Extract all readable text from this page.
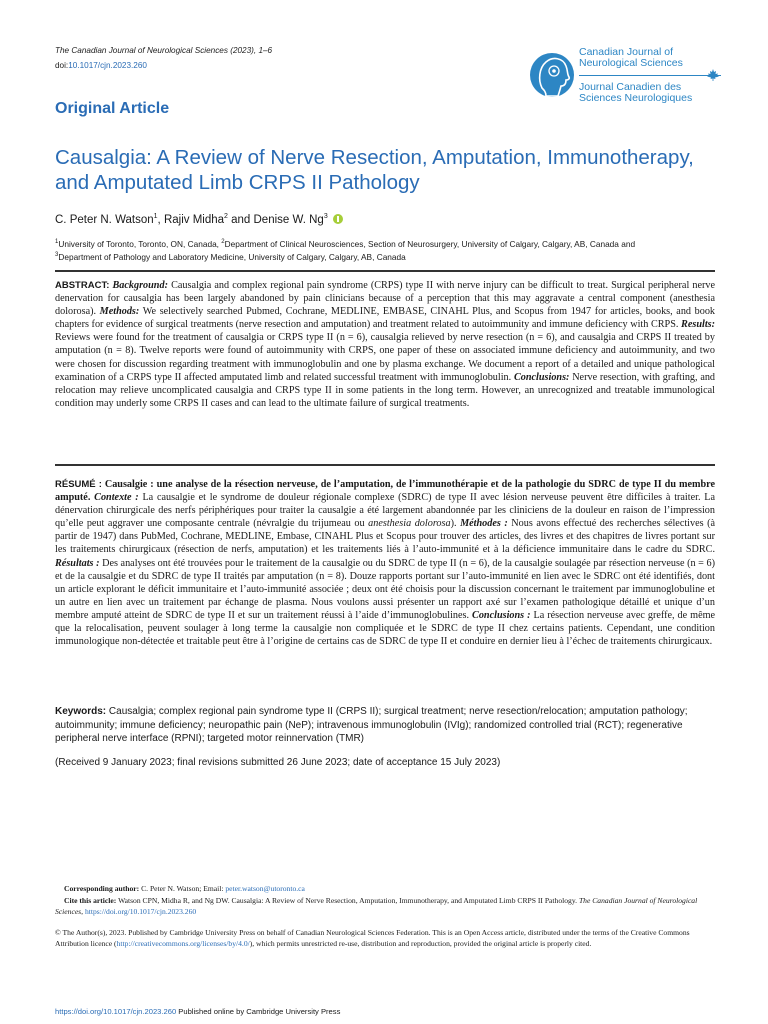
The Canadian Journal of Neurological Sciences (2023), 1–6
doi:10.1017/cjn.2023.260
Canadian Journal of
Neurological Sciences
Journal Canadien des
Sciences Neurologiques
Original Article
Causalgia: A Review of Nerve Resection, Amputation, Immunotherapy, and Amputated Limb CRPS II Pathology
C. Peter N. Watson$^1$, Rajiv Midha$^2$ and Denise W. Ng$^3$
$^1$University of Toronto, Toronto, ON, Canada, $^2$Department of Clinical Neurosciences, Section of Neurosurgery, University of Calgary, Calgary, AB, Canada and
$^3$Department of Pathology and Laboratory Medicine, University of Calgary, Calgary, AB, Canada
ABSTRACT: Background: Causalgia and complex regional pain syndrome (CRPS) type II with nerve injury can be difficult to treat. Surgical peripheral nerve denervation for causalgia has been largely abandoned by pain clinicians because of a perception that this may aggravate a central component (anesthesia dolorosa). Methods: We selectively searched Pubmed, Cochrane, MEDLINE, EMBASE, CINAHL Plus, and Scopus from 1947 for articles, books, and book chapters for evidence of surgical treatments (nerve resection and amputation) and treatment related to autoimmunity and immune deficiency with CRPS. Results: Reviews were found for the treatment of causalgia or CRPS type II (n = 6), causalgia relieved by nerve resection (n = 6), and causalgia and CRPS II treated by amputation (n = 8). Twelve reports were found of autoimmunity with CRPS, one paper of these on associated immune deficiency and autoimmunity, and two were chosen for discussion regarding treatment with immunoglobulin and one by plasma exchange. We document a report of a detailed and unique pathological examination of a CRPS type II affected amputated limb and related successful treatment with immunoglobulin. Conclusions: Nerve resection, with grafting, and relocation may relieve uncomplicated causalgia and CRPS type II in some patients in the long term. However, an unrecognized and treatable immunological condition may underly some CRPS II cases and can lead to the ultimate failure of surgical treatments.
RÉSUMÉ : Causalgie : une analyse de la résection nerveuse, de l’amputation, de l’immunothérapie et de la pathologie du SDRC de type II du membre amputé. Contexte : La causalgie et le syndrome de douleur régionale complexe (SDRC) de type II avec lésion nerveuse peuvent être difficiles à traiter. La dénervation chirurgicale des nerfs périphériques pour traiter la causalgie a été largement abandonnée par les cliniciens de la douleur en raison de l’impression qu’elle peut aggraver une composante centrale (névralgie du trijumeau ou anesthesia dolorosa). Méthodes : Nous avons effectué des recherches sélectives (à partir de 1947) dans PubMed, Cochrane, MEDLINE, Embase, CINAHL Plus et Scopus pour trouver des articles, des livres et des chapitres de livres portant sur les traitements chirurgicaux (résection de nerfs, amputation) et les traitements liés à l’auto-immunité et à la déficience immunitaire dans le cadre du SDRC. Résultats : Des analyses ont été trouvées pour le traitement de la causalgie ou du SDRC de type II (n = 6), de la causalgie soulagée par résection nerveuse (n = 6) et de la causalgie et du SDRC de type II traités par amputation (n = 8). Douze rapports portant sur l’auto-immunité en lien avec le SDRC ont été identifiés, dont un article explorant le déficit immunitaire et l’auto-immunité associée ; deux ont été choisis pour la discussion concernant le traitement par immunoglobuline et un autre en lien avec un traitement par échange de plasma. Nous voulons aussi présenter un rapport axé sur l’examen pathologique détaillé et unique d’un membre amputé atteint de SDRC de type II et sur un traitement réussi à l’aide d’immunoglobulines. Conclusions : La résection nerveuse avec greffe, de même que la relocalisation, peuvent soulager à long terme la causalgie non compliquée et le SDRC de type II chez certains patients. Cependant, une condition immunologique non-détectée et traitable peut être à l’origine de certains cas de SDRC de type II et conduire en dernier lieu à l’échec de traitements chirurgicaux.
Keywords: Causalgia; complex regional pain syndrome type II (CRPS II); surgical treatment; nerve resection/relocation; amputation pathology; autoimmunity; immune deficiency; neuropathic pain (NeP); intravenous immunoglobulin (IVIg); randomized controlled trial (RCT); regenerative peripheral nerve interface (RPNI); targeted motor reinnervation (TMR)
(Received 9 January 2023; final revisions submitted 26 June 2023; date of acceptance 15 July 2023)
Corresponding author: C. Peter N. Watson; Email: peter.watson@utoronto.ca
Cite this article: Watson CPN, Midha R, and Ng DW. Causalgia: A Review of Nerve Resection, Amputation, Immunotherapy, and Amputated Limb CRPS II Pathology. The Canadian Journal of Neurological Sciences, https://doi.org/10.1017/cjn.2023.260
© The Author(s), 2023. Published by Cambridge University Press on behalf of Canadian Neurological Sciences Federation. This is an Open Access article, distributed under the terms of the Creative Commons Attribution licence (http://creativecommons.org/licenses/by/4.0/), which permits unrestricted re-use, distribution and reproduction, provided the original article is properly cited.
https://doi.org/10.1017/cjn.2023.260 Published online by Cambridge University Press
